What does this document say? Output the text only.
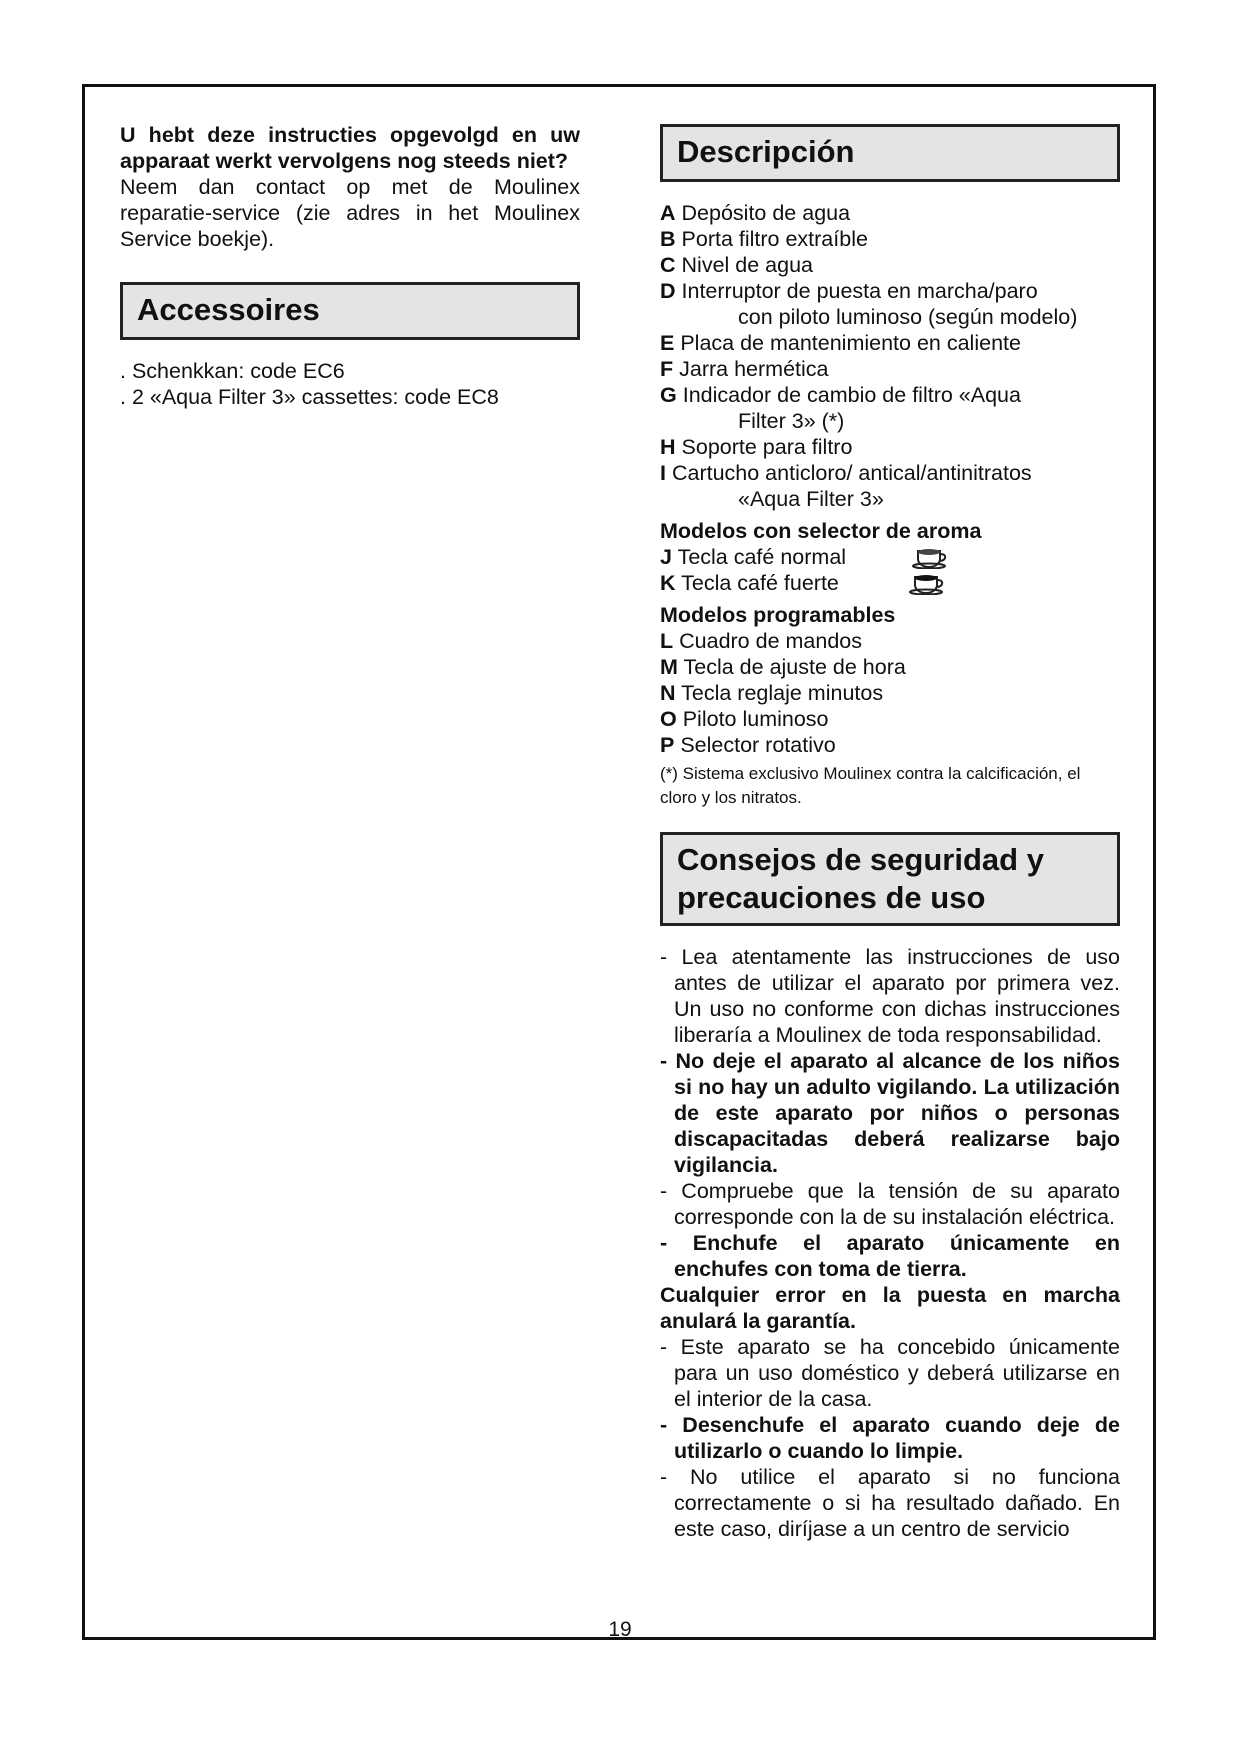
U hebt deze instructies opgevolgd en uw apparaat werkt vervolgens nog steeds niet?

Neem dan contact op met de Moulinex reparatie-service (zie adres in het Moulinex Service boekje).

Accessoires

. Schenkkan: code EC6

. 2 «Aqua Filter 3» cassettes: code EC8

Descripción
A Depósito de agua
B Porta filtro extraíble
C Nivel de agua
D Interruptor de puesta en marcha/paro
con piloto luminoso (según modelo)
E Placa de mantenimiento en caliente
F Jarra hermética
G Indicador de cambio de filtro «Aqua
Filter 3» (*)
H Soporte para filtro
I Cartucho anticloro/ antical/antinitratos
«Aqua Filter 3»

Modelos con selector de aroma

J Tecla café normal
K Tecla café fuerte

Modelos programables

L Cuadro de mandos
M Tecla de ajuste de hora
N Tecla reglaje minutos
O Piloto luminoso
P Selector rotativo

(*) Sistema exclusivo Moulinex contra la calcificación, el cloro y los nitratos.

Consejos de seguridad y precauciones de uso

- Lea atentamente las instrucciones de uso antes de utilizar el aparato por primera vez. Un uso no conforme con dichas instrucciones liberaría a Moulinex de toda responsabilidad.

- No deje el aparato al alcance de los niños si no hay un adulto vigilando. La utilización de este aparato por niños o personas discapacitadas deberá realizarse bajo vigilancia.

- Compruebe que la tensión de su aparato corresponde con la de su instalación eléctrica.

- Enchufe el aparato únicamente en enchufes con toma de tierra.

Cualquier error en la puesta en marcha anulará la garantía.

- Este aparato se ha concebido únicamente para un uso doméstico y deberá utilizarse en el interior de la casa.

- Desenchufe el aparato cuando deje de utilizarlo o cuando lo limpie.

- No utilice el aparato si no funciona correctamente o si ha resultado dañado. En este caso, diríjase a un centro de servicio

19
